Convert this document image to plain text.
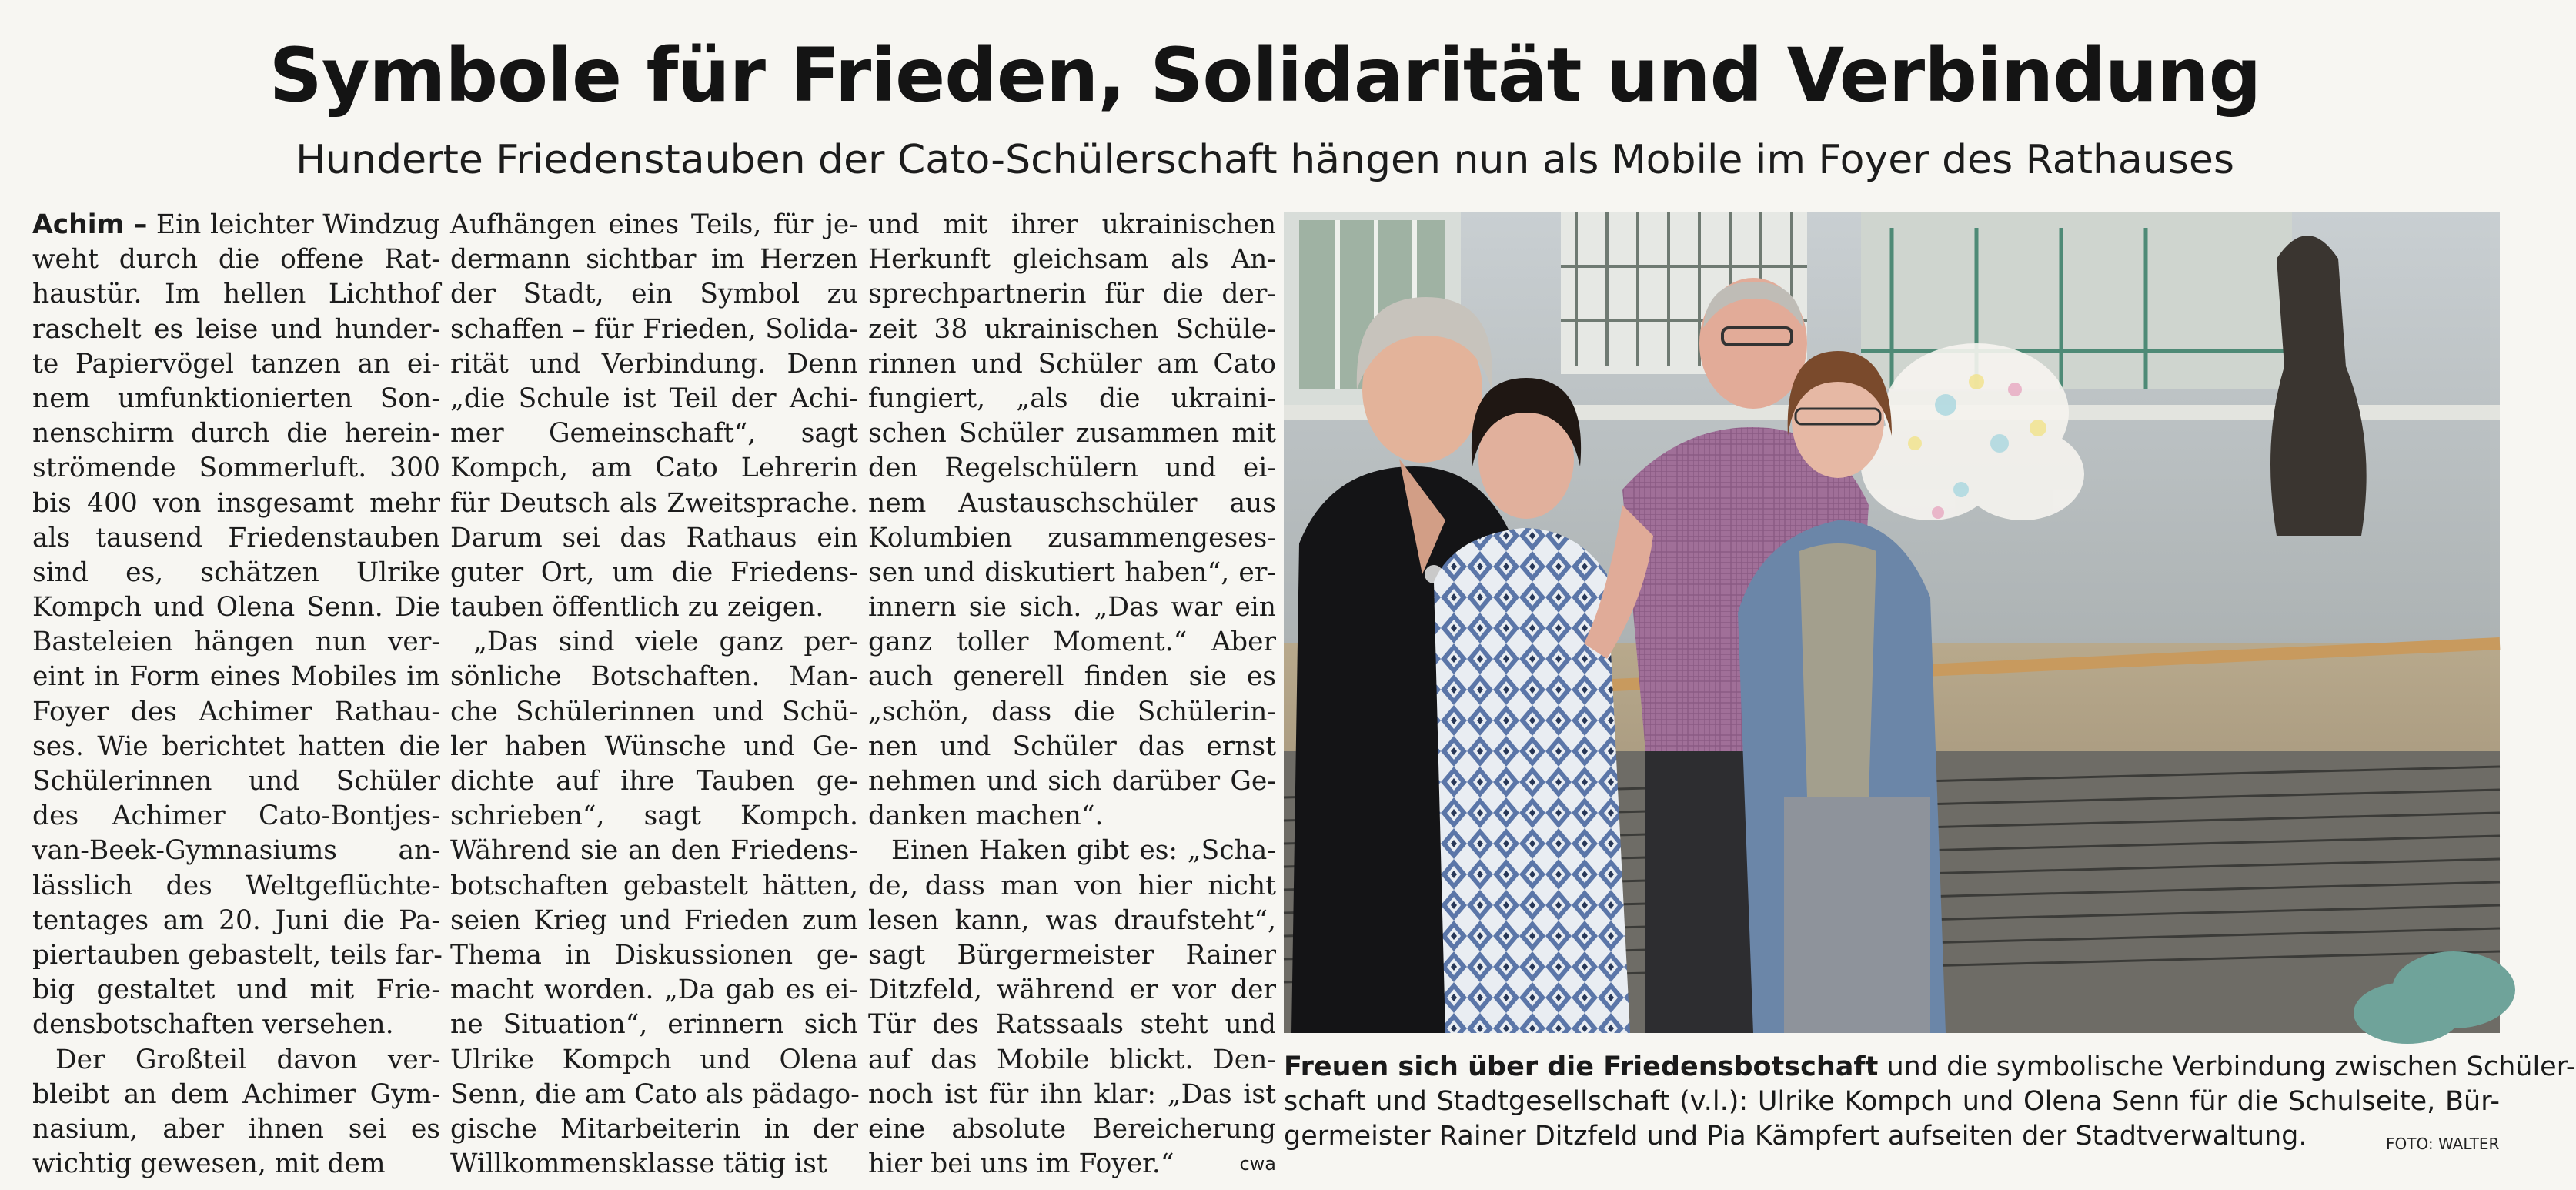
Symbole für Frieden, Solidarität und Verbindung
Hunderte Friedenstauben der Cato-Schülerschaft hängen nun als Mobile im Foyer des Rathauses
Achim – Ein leichter Windzug
weht durch die offene Rat-
haustür. Im hellen Lichthof
raschelt es leise und hunder-
te Papiervögel tanzen an ei-
nem umfunktionierten Son-
nenschirm durch die herein-
strömende Sommerluft. 300
bis 400 von insgesamt mehr
als tausend Friedenstauben
sind es, schätzen Ulrike
Kompch und Olena Senn. Die
Basteleien hängen nun ver-
eint in Form eines Mobiles im
Foyer des Achimer Rathau-
ses. Wie berichtet hatten die
Schülerinnen und Schüler
des Achimer Cato-Bontjes-
van-Beek-Gymnasiums an-
lässlich des Weltgeflüchte-
tentages am 20. Juni die Pa-
piertauben gebastelt, teils far-
big gestaltet und mit Frie-
densbotschaften versehen.
Der Großteil davon ver-
bleibt an dem Achimer Gym-
nasium, aber ihnen sei es
wichtig gewesen, mit dem
Aufhängen eines Teils, für je-
dermann sichtbar im Herzen
der Stadt, ein Symbol zu
schaffen – für Frieden, Solida-
rität und Verbindung. Denn
„die Schule ist Teil der Achi-
mer Gemeinschaft“, sagt
Kompch, am Cato Lehrerin
für Deutsch als Zweitsprache.
Darum sei das Rathaus ein
guter Ort, um die Friedens-
tauben öffentlich zu zeigen.
„Das sind viele ganz per-
sönliche Botschaften. Man-
che Schülerinnen und Schü-
ler haben Wünsche und Ge-
dichte auf ihre Tauben ge-
schrieben“, sagt Kompch.
Während sie an den Friedens-
botschaften gebastelt hätten,
seien Krieg und Frieden zum
Thema in Diskussionen ge-
macht worden. „Da gab es ei-
ne Situation“, erinnern sich
Ulrike Kompch und Olena
Senn, die am Cato als pädago-
gische Mitarbeiterin in der
Willkommensklasse tätig ist
und mit ihrer ukrainischen
Herkunft gleichsam als An-
sprechpartnerin für die der-
zeit 38 ukrainischen Schüle-
rinnen und Schüler am Cato
fungiert, „als die ukraini-
schen Schüler zusammen mit
den Regelschülern und ei-
nem Austauschschüler aus
Kolumbien zusammengeses-
sen und diskutiert haben“, er-
innern sie sich. „Das war ein
ganz toller Moment.“ Aber
auch generell finden sie es
„schön, dass die Schülerin-
nen und Schüler das ernst
nehmen und sich darüber Ge-
danken machen“.
Einen Haken gibt es: „Scha-
de, dass man von hier nicht
lesen kann, was draufsteht“,
sagt Bürgermeister Rainer
Ditzfeld, während er vor der
Tür des Ratssaals steht und
auf das Mobile blickt. Den-
noch ist für ihn klar: „Das ist
eine absolute Bereicherung
hier bei uns im Foyer.“	cwa
Freuen sich über die Friedensbotschaft und die symbolische Verbindung zwischen Schüler-
schaft und Stadtgesellschaft (v.l.): Ulrike Kompch und Olena Senn für die Schulseite, Bür-
germeister Rainer Ditzfeld und Pia Kämpfert aufseiten der Stadtverwaltung.	FOTO: WALTER
